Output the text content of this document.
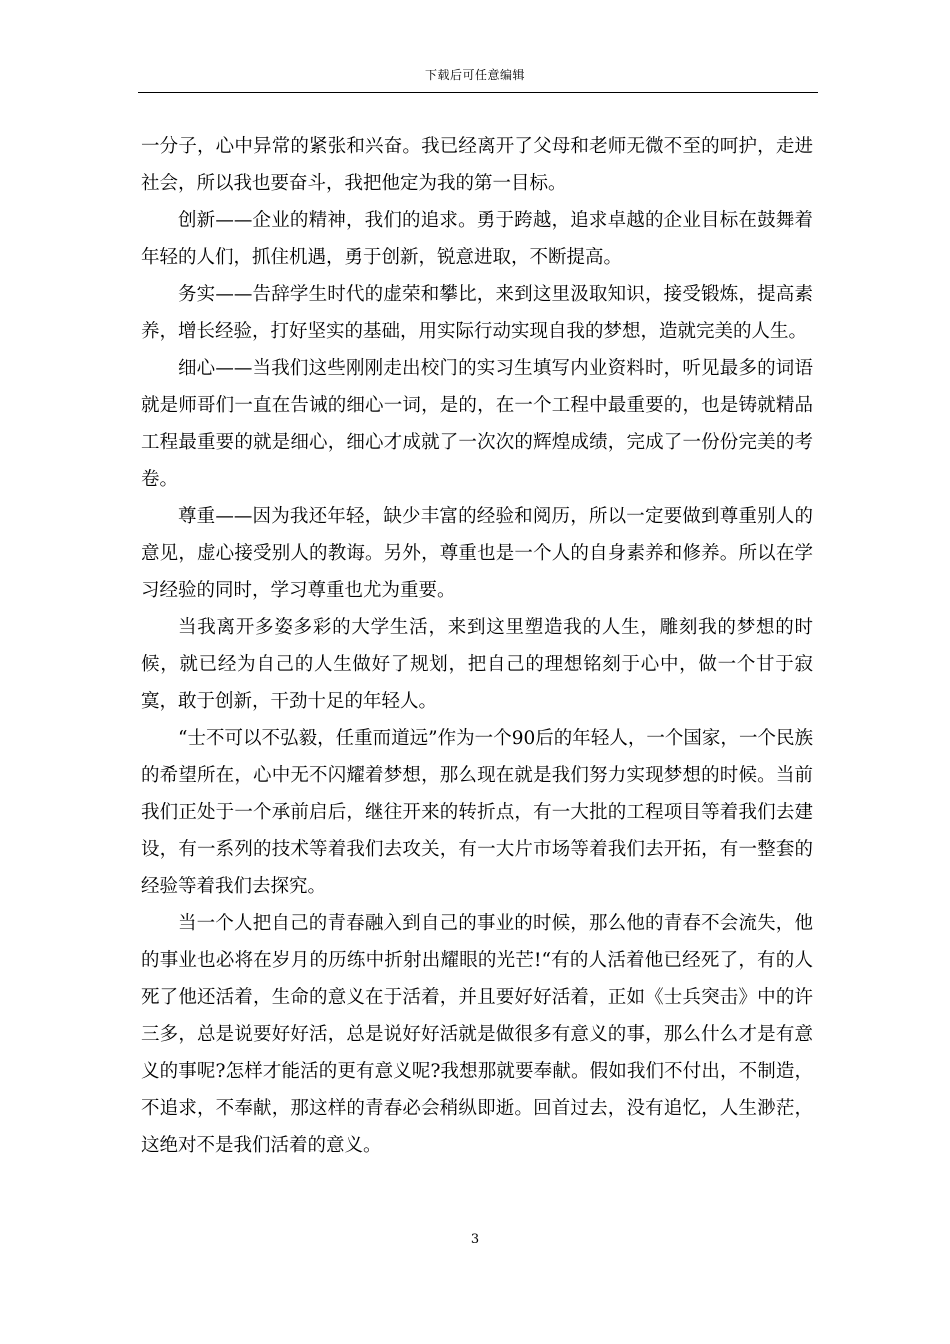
下载后可任意编辑

一分子，心中异常的紧张和兴奋。我已经离开了父母和老师无微不至的呵护，走进社会，所以我也要奋斗，我把他定为我的第一目标。

创新——企业的精神，我们的追求。勇于跨越，追求卓越的企业目标在鼓舞着年轻的人们，抓住机遇，勇于创新，锐意进取，不断提高。

务实——告辞学生时代的虚荣和攀比，来到这里汲取知识，接受锻炼，提高素养，增长经验，打好坚实的基础，用实际行动实现自我的梦想，造就完美的人生。

细心——当我们这些刚刚走出校门的实习生填写内业资料时，听见最多的词语就是师哥们一直在告诫的细心一词，是的，在一个工程中最重要的，也是铸就精品工程最重要的就是细心，细心才成就了一次次的辉煌成绩，完成了一份份完美的考卷。

尊重——因为我还年轻，缺少丰富的经验和阅历，所以一定要做到尊重别人的意见，虚心接受别人的教诲。另外，尊重也是一个人的自身素养和修养。所以在学习经验的同时，学习尊重也尤为重要。

当我离开多姿多彩的大学生活，来到这里塑造我的人生，雕刻我的梦想的时候，就已经为自己的人生做好了规划，把自己的理想铭刻于心中，做一个甘于寂寞，敢于创新，干劲十足的年轻人。

“士不可以不弘毅，任重而道远”作为一个90后的年轻人，一个国家，一个民族的希望所在，心中无不闪耀着梦想，那么现在就是我们努力实现梦想的时候。当前我们正处于一个承前启后，继往开来的转折点，有一大批的工程项目等着我们去建设，有一系列的技术等着我们去攻关，有一大片市场等着我们去开拓，有一整套的经验等着我们去探究。

当一个人把自己的青春融入到自己的事业的时候，那么他的青春不会流失，他的事业也必将在岁月的历练中折射出耀眼的光芒!“有的人活着他已经死了，有的人死了他还活着，生命的意义在于活着，并且要好好活着，正如《士兵突击》中的许三多，总是说要好好活，总是说好好活就是做很多有意义的事，那么什么才是有意义的事呢?怎样才能活的更有意义呢?我想那就要奉献。假如我们不付出，不制造，不追求，不奉献，那这样的青春必会稍纵即逝。回首过去，没有追忆，人生渺茫，这绝对不是我们活着的意义。

3
